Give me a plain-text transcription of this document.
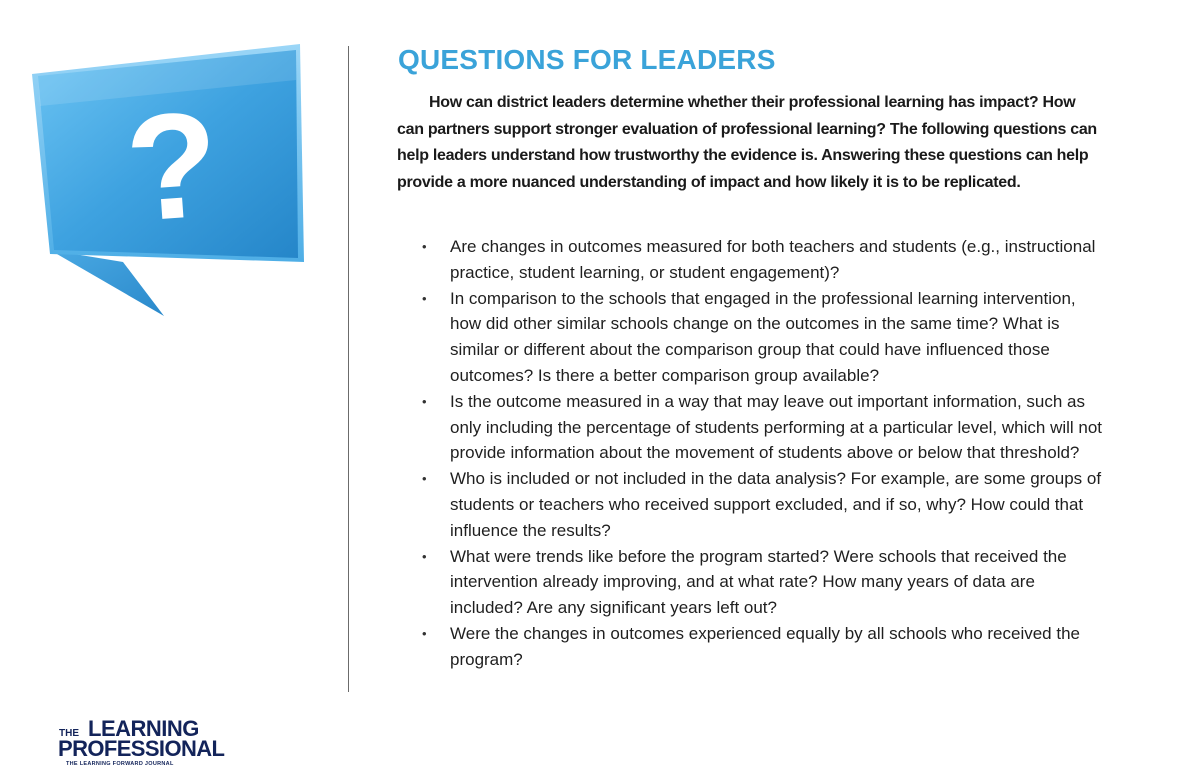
?
QUESTIONS FOR LEADERS

How can district leaders determine whether their professional learning has impact? How can partners support stronger evaluation of professional learning? The following questions can help leaders understand how trustworthy the evidence is. Answering these questions can help provide a more nuanced understanding of impact and how likely it is to be replicated.

• Are changes in outcomes measured for both teachers and students (e.g., instructional practice, student learning, or student engagement)?
• In comparison to the schools that engaged in the professional learning intervention, how did other similar schools change on the outcomes in the same time? What is similar or different about the comparison group that could have influenced those outcomes? Is there a better comparison group available?
• Is the outcome measured in a way that may leave out important information, such as only including the percentage of students performing at a particular level, which will not provide information about the movement of students above or below that threshold?
• Who is included or not included in the data analysis? For example, are some groups of students or teachers who received support excluded, and if so, why? How could that influence the results?
• What were trends like before the program started? Were schools that received the intervention already improving, and at what rate? How many years of data are included? Are any significant years left out?
• Were the changes in outcomes experienced equally by all schools who received the program?
THE LEARNING
PROFESSIONAL
THE LEARNING FORWARD JOURNAL
